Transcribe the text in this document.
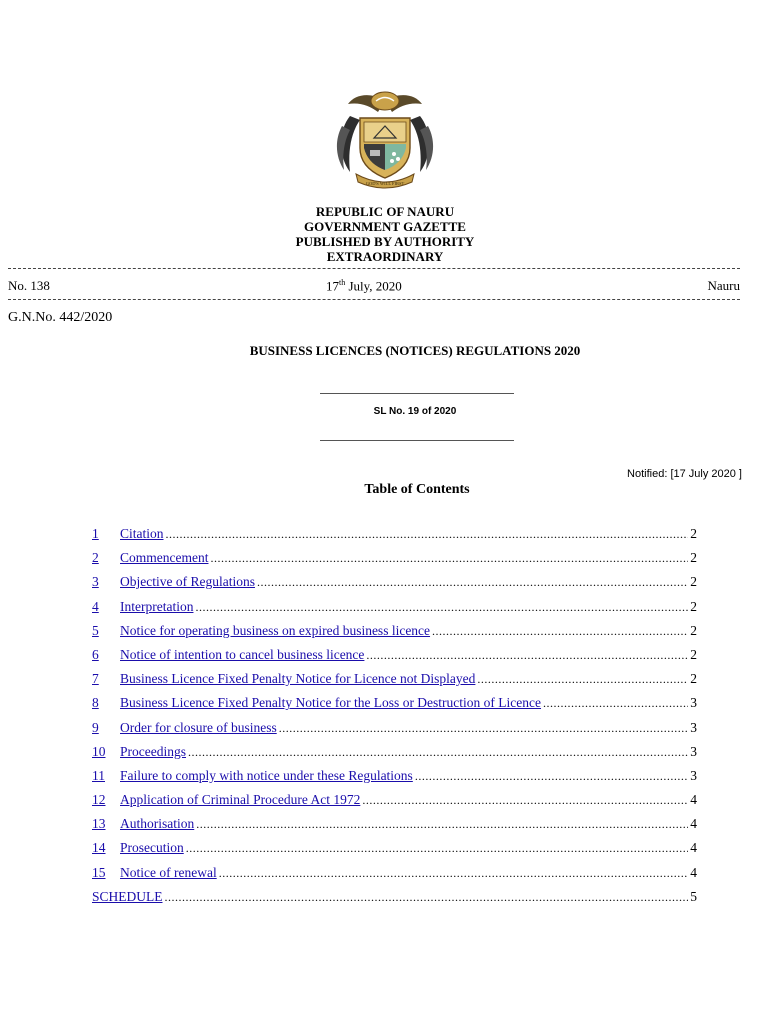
GOD'S WILL FIRST
REPUBLIC OF NAURU
GOVERNMENT GAZETTE
PUBLISHED BY AUTHORITY
EXTRAORDINARY
No. 138	17th July, 2020	Nauru
G.N.No. 442/2020
BUSINESS LICENCES (NOTICES) REGULATIONS 2020
SL No. 19 of 2020
Notified: [17 July 2020 ]
Table of Contents
1	Citation .....	2
2	Commencement .....	2
3	Objective of Regulations .....	2
4	Interpretation .....	2
5	Notice for operating business on expired business licence .....	2
6	Notice of intention to cancel business licence .....	2
7	Business Licence Fixed Penalty Notice for Licence not Displayed .....	2
8	Business Licence Fixed Penalty Notice for the Loss or Destruction of Licence .....	3
9	Order for closure of business .....	3
10	Proceedings .....	3
11	Failure to comply with notice under these Regulations .....	3
12	Application of Criminal Procedure Act 1972 .....	4
13	Authorisation .....	4
14	Prosecution .....	4
15	Notice of renewal .....	4
SCHEDULE .....	5
